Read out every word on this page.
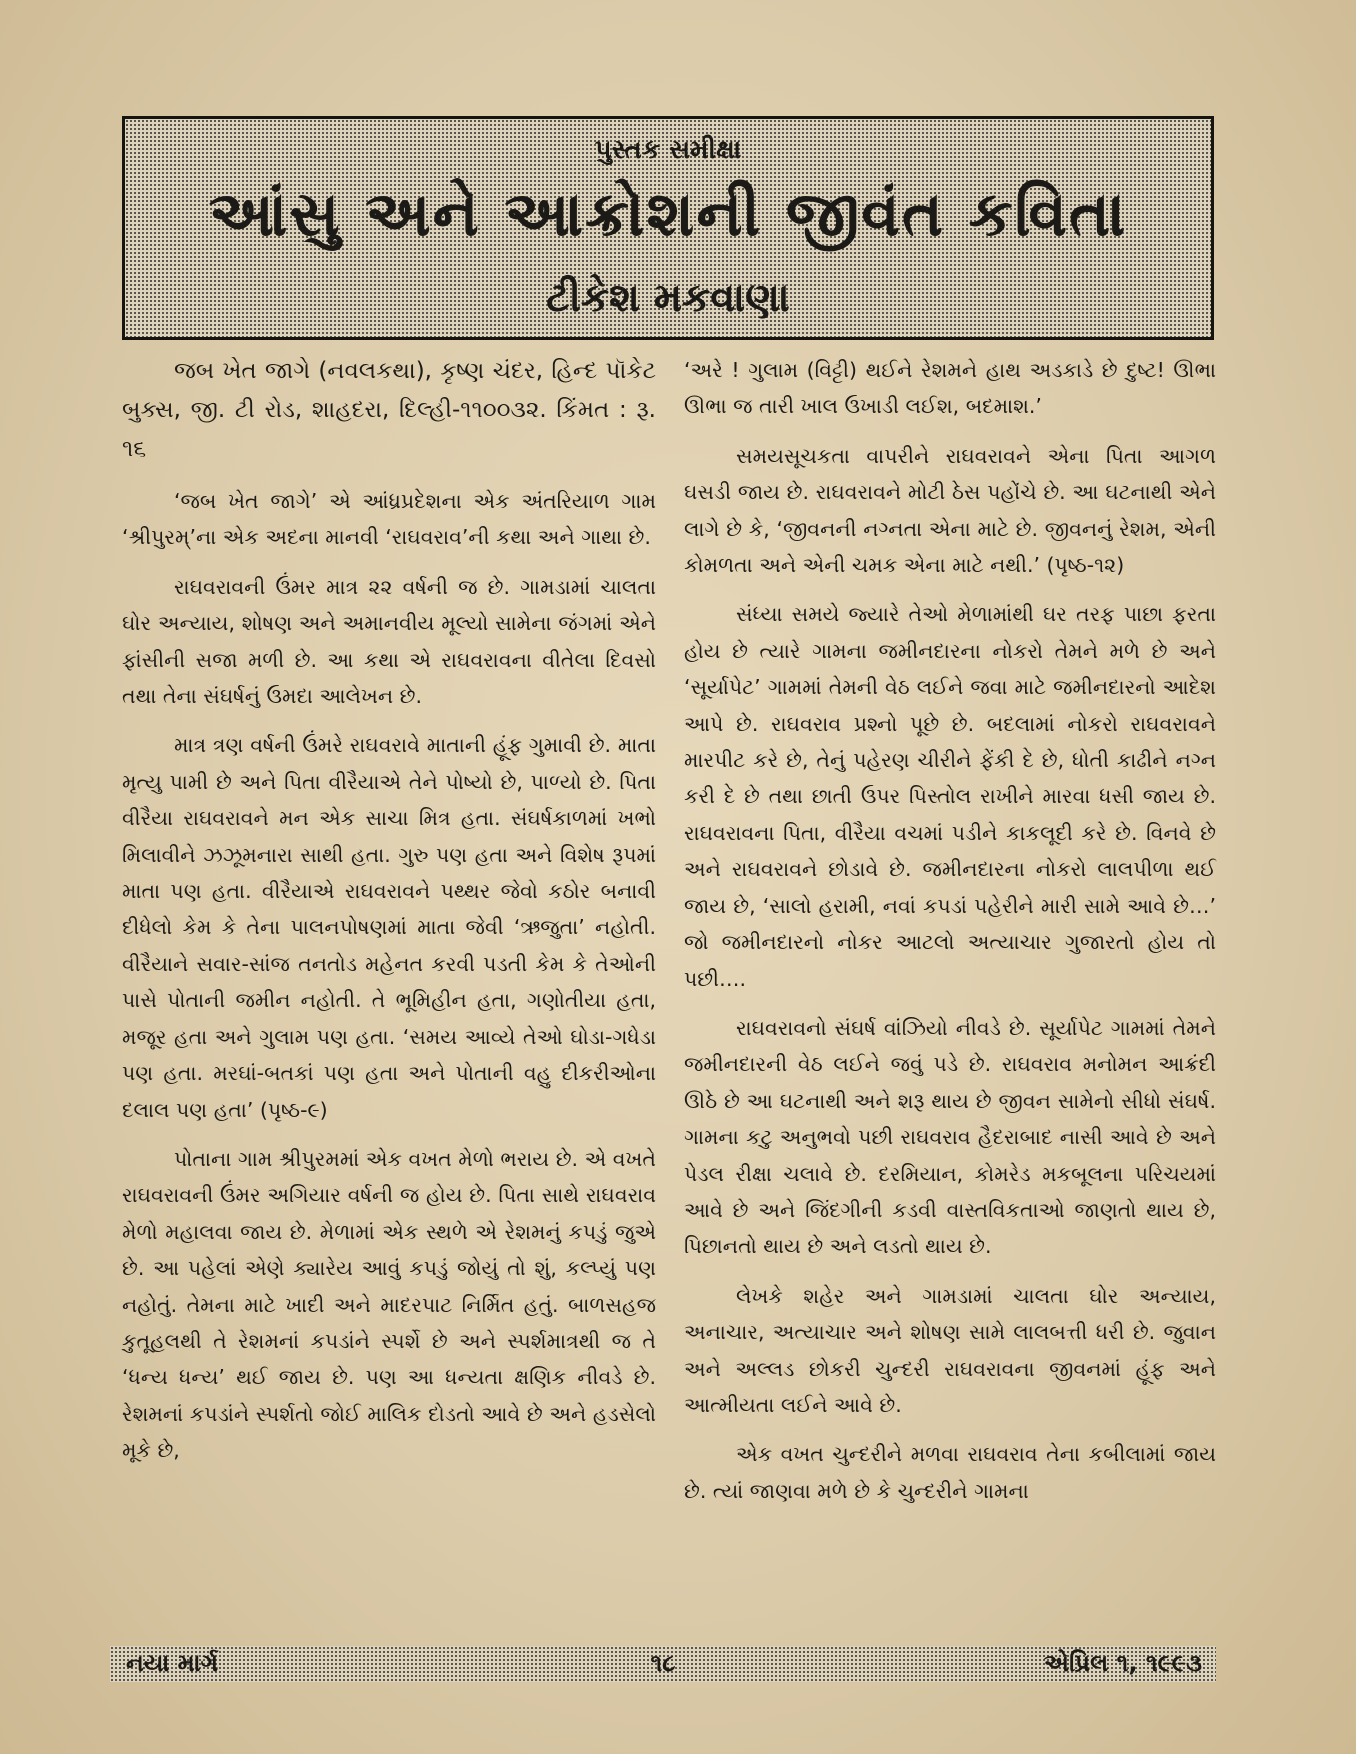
પુસ્તક સમીક્ષા
આંસુ અને આક્રોશની જીવંત કવિતા
ટીકેશ મકવાણા

જબ ખેત જાગે (નવલકથા), કૃષ્ણ ચંદર, હિન્દ પૉકેટ બુક્સ, જી. ટી રોડ, શાહદરા, દિલ્હી-૧૧૦૦૩૨. કિંમત : રૂ. ૧૬

‘જબ ખેત જાગે’ એ આંધ્રપ્રદેશના એક અંતરિયાળ ગામ ‘શ્રીપુરમ્’ના એક અદના માનવી ‘રાઘવરાવ’ની કથા અને ગાથા છે.

રાઘવરાવની ઉંમર માત્ર ૨૨ વર્ષની જ છે. ગામડામાં ચાલતા ઘોર અન્યાય, શોષણ અને અમાનવીય મૂલ્યો સામેના જંગમાં એને ફાંસીની સજા મળી છે. આ કથા એ રાઘવરાવના વીતેલા દિવસો તથા તેના સંઘર્ષનું ઉમદા આલેખન છે.

માત્ર ત્રણ વર્ષની ઉંમરે રાઘવરાવે માતાની હૂંફ ગુમાવી છે. માતા મૃત્યુ પામી છે અને પિતા વીરૈયાએ તેને પોષ્યો છે, પાળ્યો છે. પિતા વીરૈયા રાઘવરાવને મન એક સાચા મિત્ર હતા. સંઘર્ષકાળમાં ખભો મિલાવીને ઝઝૂમનારા સાથી હતા. ગુરુ પણ હતા અને વિશેષ રૂપમાં માતા પણ હતા. વીરૈયાએ રાઘવરાવને પથ્થર જેવો કઠોર બનાવી દીધેલો કેમ કે તેના પાલનપોષણમાં માતા જેવી ‘ઋજુતા’ નહોતી. વીરૈયાને સવાર-સાંજ તનતોડ મહેનત કરવી પડતી કેમ કે તેઓની પાસે પોતાની જમીન નહોતી. તે ભૂમિહીન હતા, ગણોતીયા હતા, મજૂર હતા અને ગુલામ પણ હતા. ‘સમય આવ્યે તેઓ ઘોડા-ગધેડા પણ હતા. મરઘાં-બતકાં પણ હતા અને પોતાની વહુ દીકરીઓના દલાલ પણ હતા’ (પૃષ્ઠ-૯)

પોતાના ગામ શ્રીપુરમમાં એક વખત મેળો ભરાય છે. એ વખતે રાઘવરાવની ઉંમર અગિયાર વર્ષની જ હોય છે. પિતા સાથે રાઘવરાવ મેળો મહાલવા જાય છે. મેળામાં એક સ્થળે એ રેશમનું કપડું જુએ છે. આ પહેલાં એણે ક્યારેય આવું કપડું જોયું તો શું, કલ્પ્યું પણ નહોતું. તેમના માટે ખાદી અને માદરપાટ નિર્મિત હતું. બાળસહજ કુતૂહલથી તે રેશમનાં કપડાંને સ્પર્શે છે અને સ્પર્શમાત્રથી જ તે ‘ધન્ય ધન્ય’ થઈ જાય છે. પણ આ ધન્યતા ક્ષણિક નીવડે છે. રેશમનાં કપડાંને સ્પર્શતો જોઈ માલિક દોડતો આવે છે અને હડસેલો મૂકે છે,

‘અરે ! ગુલામ (વિટ્ટી) થઈને રેશમને હાથ અડકાડે છે દુષ્ટ! ઊભા ઊભા જ તારી ખાલ ઉખાડી લઈશ, બદમાશ.’

સમયસૂચકતા વાપરીને રાઘવરાવને એના પિતા આગળ ઘસડી જાય છે. રાઘવરાવને મોટી ઠેસ પહોંચે છે. આ ઘટનાથી એને લાગે છે કે, ‘જીવનની નગ્નતા એના માટે છે. જીવનનું રેશમ, એની કોમળતા અને એની ચમક એના માટે નથી.’ (પૃષ્ઠ-૧૨)

સંધ્યા સમયે જ્યારે તેઓ મેળામાંથી ઘર તરફ પાછા ફરતા હોય છે ત્યારે ગામના જમીનદારના નોકરો તેમને મળે છે અને ‘સૂર્યાપેટ’ ગામમાં તેમની વેઠ લઈને જવા માટે જમીનદારનો આદેશ આપે છે. રાઘવરાવ પ્રશ્નો પૂછે છે. બદલામાં નોકરો રાઘવરાવને મારપીટ કરે છે, તેનું પહેરણ ચીરીને ફેંકી દે છે, ધોતી કાઢીને નગ્ન કરી દે છે તથા છાતી ઉપર પિસ્તોલ રાખીને મારવા ધસી જાય છે. રાઘવરાવના પિતા, વીરૈયા વચમાં પડીને કાકલૂદી કરે છે. વિનવે છે અને રાઘવરાવને છોડાવે છે. જમીનદારના નોકરો લાલપીળા થઈ જાય છે, ‘સાલો હરામી, નવાં કપડાં પહેરીને મારી સામે આવે છે…’ જો જમીનદારનો નોકર આટલો અત્યાચાર ગુજારતો હોય તો પછી….

રાઘવરાવનો સંઘર્ષ વાંઝિયો નીવડે છે. સૂર્યાપેટ ગામમાં તેમને જમીનદારની વેઠ લઈને જવું પડે છે. રાઘવરાવ મનોમન આક્રંદી ઊઠે છે આ ઘટનાથી અને શરૂ થાય છે જીવન સામેનો સીધો સંઘર્ષ. ગામના કટુ અનુભવો પછી રાઘવરાવ હૈદરાબાદ નાસી આવે છે અને પેડલ રીક્ષા ચલાવે છે. દરમિયાન, કોમરેડ મકબૂલના પરિચયમાં આવે છે અને જિંદગીની કડવી વાસ્તવિકતાઓ જાણતો થાય છે, પિછાનતો થાય છે અને લડતો થાય છે.

લેખકે શહેર અને ગામડામાં ચાલતા ઘોર અન્યાય, અનાચાર, અત્યાચાર અને શોષણ સામે લાલબત્તી ધરી છે. જુવાન અને અલ્લડ છોકરી ચુન્દરી રાઘવરાવના જીવનમાં હૂંફ અને આત્મીયતા લઈને આવે છે.

એક વખત ચુન્દરીને મળવા રાઘવરાવ તેના કબીલામાં જાય છે. ત્યાં જાણવા મળે છે કે ચુન્દરીને ગામના

નયા માર્ગ	૧૮	એપ્રિલ ૧, ૧૯૯૩
